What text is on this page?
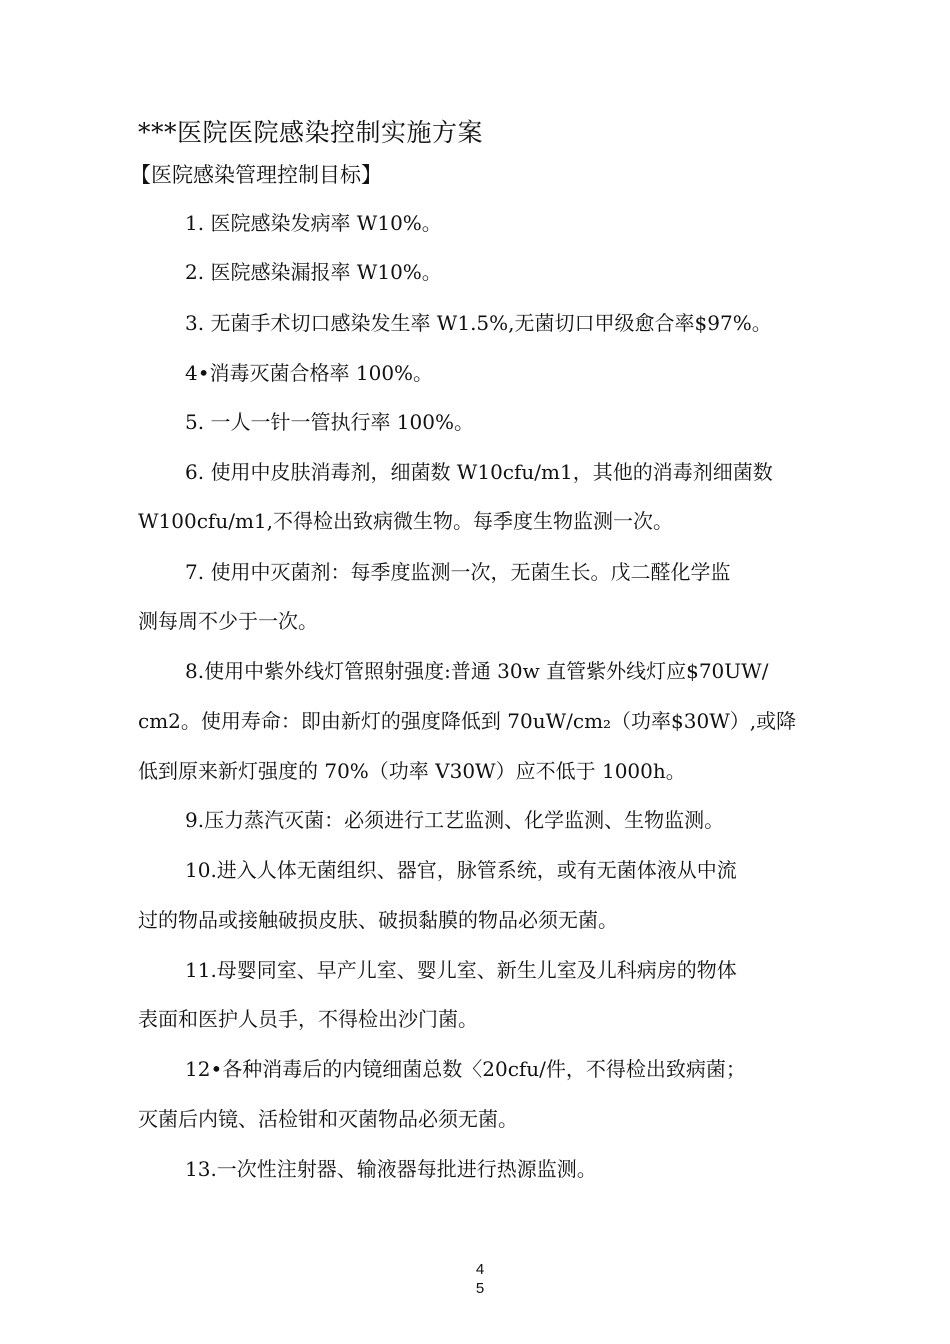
***医院医院感染控制实施方案
【医院感染管理控制目标】
1. 医院感染发病率 W10%。
2. 医院感染漏报率 W10%。
3. 无菌手术切口感染发生率 W1.5%,无菌切口甲级愈合率$97%。
4•消毒灭菌合格率 100%。
5. 一人一针一管执行率 100%。
6. 使用中皮肤消毒剂，细菌数 W10cfu/m1，其他的消毒剂细菌数
W100cfu/m1,不得检出致病微生物。每季度生物监测一次。
7. 使用中灭菌剂：每季度监测一次，无菌生长。戊二醛化学监
测每周不少于一次。
8.使用中紫外线灯管照射强度:普通 30w 直管紫外线灯应$70UW/
cm2。使用寿命：即由新灯的强度降低到 70uW/cm₂（功率$30W）,或降
低到原来新灯强度的 70%（功率 V30W）应不低于 1000h。
9.压力蒸汽灭菌：必须进行工艺监测、化学监测、生物监测。
10.进入人体无菌组织、器官，脉管系统，或有无菌体液从中流
过的物品或接触破损皮肤、破损黏膜的物品必须无菌。
11.母婴同室、早产儿室、婴儿室、新生儿室及儿科病房的物体
表面和医护人员手，不得检出沙门菌。
12•各种消毒后的内镜细菌总数〈20cfu/件，不得检出致病菌；
灭菌后内镜、活检钳和灭菌物品必须无菌。
13.一次性注射器、输液器每批进行热源监测。
4
5
